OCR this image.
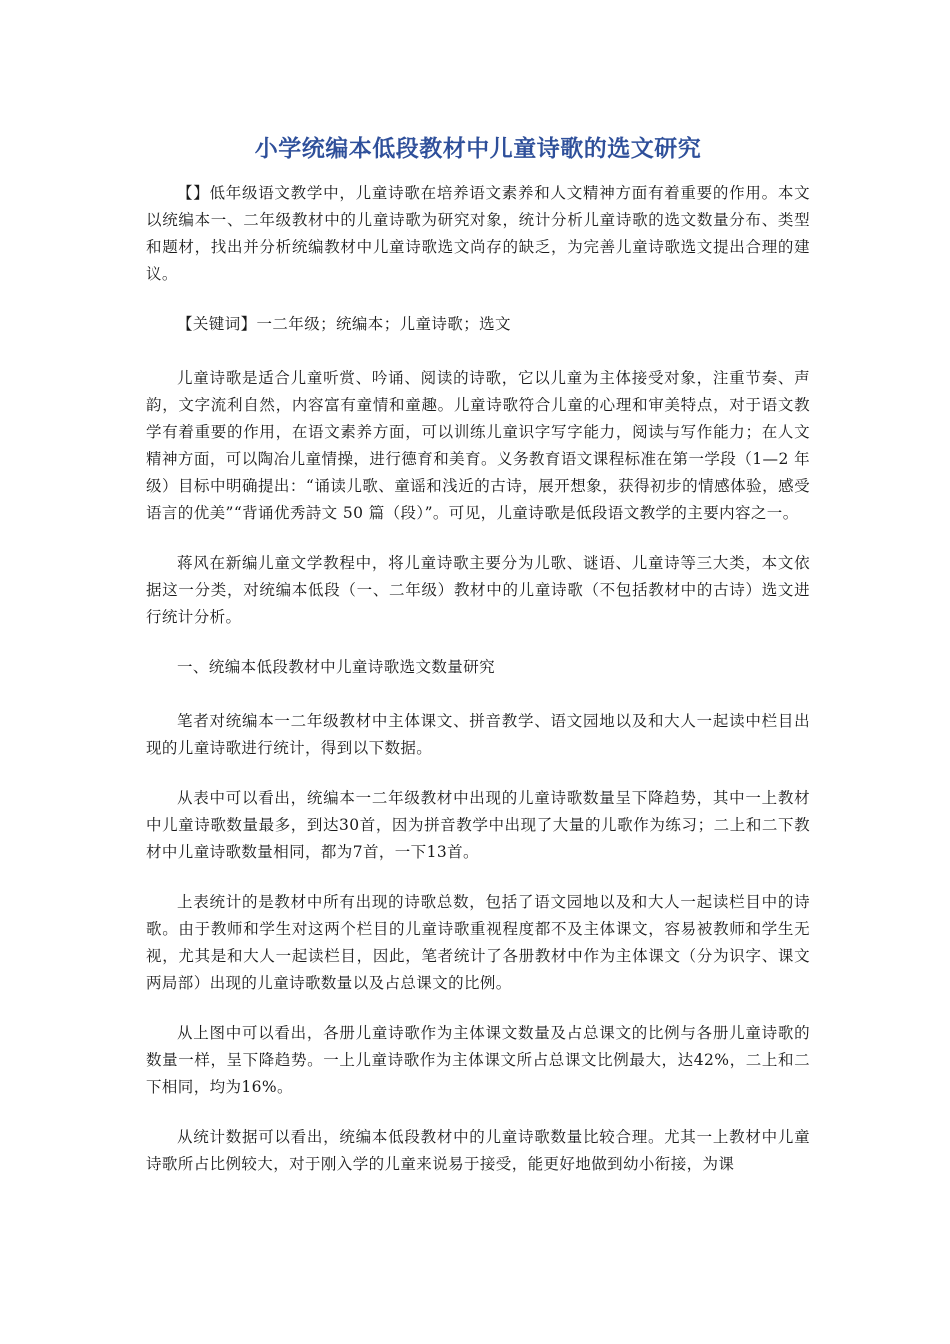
小学统编本低段教材中儿童诗歌的选文研究

【】低年级语文教学中，儿童诗歌在培养语文素养和人文精神方面有着重要的作用。本文以统编本一、二年级教材中的儿童诗歌为研究对象，统计分析儿童诗歌的选文数量分布、类型和题材，找出并分析统编教材中儿童诗歌选文尚存的缺乏，为完善儿童诗歌选文提出合理的建议。

【关键词】一二年级；统编本；儿童诗歌；选文

儿童诗歌是适合儿童听赏、吟诵、阅读的诗歌，它以儿童为主体接受对象，注重节奏、声韵，文字流利自然，内容富有童情和童趣。儿童诗歌符合儿童的心理和审美特点，对于语文教学有着重要的作用，在语文素养方面，可以训练儿童识字写字能力，阅读与写作能力；在人文精神方面，可以陶冶儿童情操，进行德育和美育。义务教育语文课程标准在第一学段（1—2 年级）目标中明确提出：“诵读儿歌、童谣和浅近的古诗，展开想象，获得初步的情感体验，感受语言的优美”“背诵优秀詩文 50 篇（段）”。可见，儿童诗歌是低段语文教学的主要内容之一。

蒋风在新编儿童文学教程中，将儿童诗歌主要分为儿歌、谜语、儿童诗等三大类，本文依据这一分类，对统编本低段（一、二年级）教材中的儿童诗歌（不包括教材中的古诗）选文进行统计分析。

一、统编本低段教材中儿童诗歌选文数量研究

笔者对统编本一二年级教材中主体课文、拼音教学、语文园地以及和大人一起读中栏目出现的儿童诗歌进行统计，得到以下数据。

从表中可以看出，统编本一二年级教材中出现的儿童诗歌数量呈下降趋势，其中一上教材中儿童诗歌数量最多，到达30首，因为拼音教学中出现了大量的儿歌作为练习；二上和二下教材中儿童诗歌数量相同，都为7首，一下13首。

上表统计的是教材中所有出现的诗歌总数，包括了语文园地以及和大人一起读栏目中的诗歌。由于教师和学生对这两个栏目的儿童诗歌重视程度都不及主体课文，容易被教师和学生无视，尤其是和大人一起读栏目，因此，笔者统计了各册教材中作为主体课文（分为识字、课文两局部）出现的儿童诗歌数量以及占总课文的比例。

从上图中可以看出，各册儿童诗歌作为主体课文数量及占总课文的比例与各册儿童诗歌的数量一样，呈下降趋势。一上儿童诗歌作为主体课文所占总课文比例最大，达42%，二上和二下相同，均为16%。

从统计数据可以看出，统编本低段教材中的儿童诗歌数量比较合理。尤其一上教材中儿童诗歌所占比例较大，对于刚入学的儿童来说易于接受，能更好地做到幼小衔接，为课
